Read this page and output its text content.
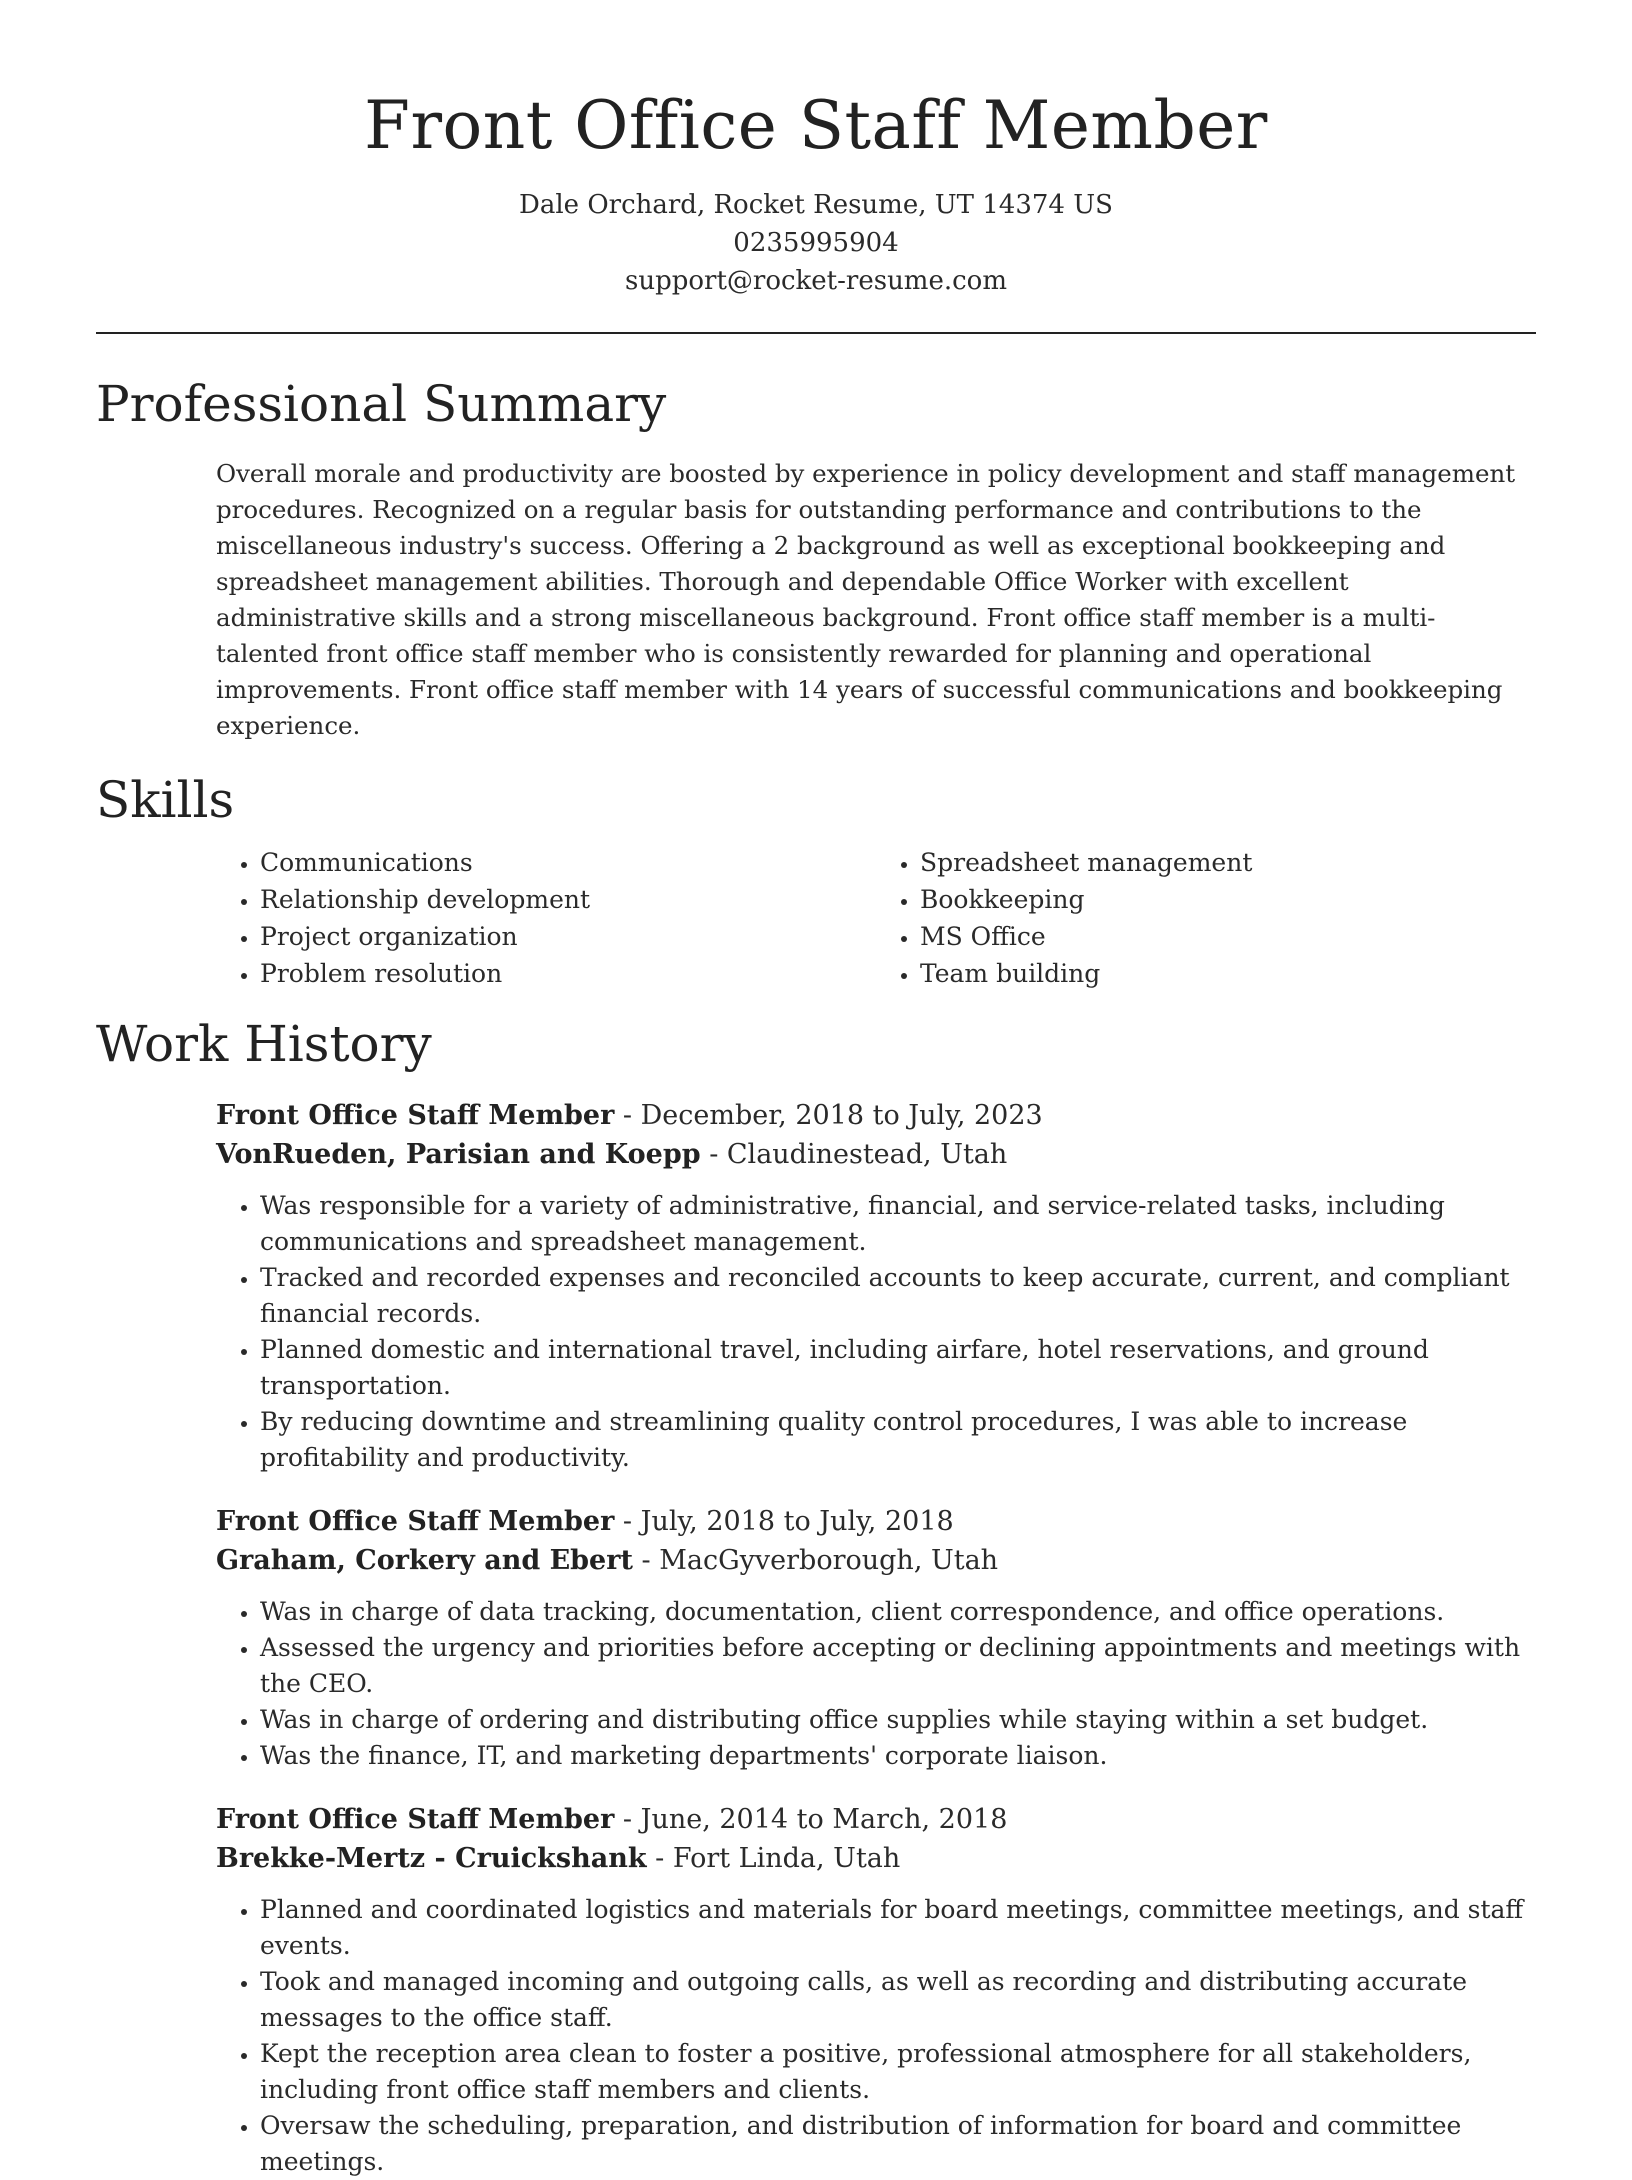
Front Office Staff Member
Dale Orchard, Rocket Resume, UT 14374 US
0235995904
support@rocket-resume.com
Professional Summary

Overall morale and productivity are boosted by experience in policy development and staff management procedures. Recognized on a regular basis for outstanding performance and contributions to the miscellaneous industry's success. Offering a 2 background as well as exceptional bookkeeping and spreadsheet management abilities. Thorough and dependable Office Worker with excellent administrative skills and a strong miscellaneous background. Front office staff member is a multi-talented front office staff member who is consistently rewarded for planning and operational improvements. Front office staff member with 14 years of successful communications and bookkeeping experience.

Skills
• Communications
• Relationship development
• Project organization
• Problem resolution
• Spreadsheet management
• Bookkeeping
• MS Office
• Team building
Work History
Front Office Staff Member - December, 2018 to July, 2023
VonRueden, Parisian and Koepp - Claudinestead, Utah
• Was responsible for a variety of administrative, financial, and service-related tasks, including communications and spreadsheet management.
• Tracked and recorded expenses and reconciled accounts to keep accurate, current, and compliant financial records.
• Planned domestic and international travel, including airfare, hotel reservations, and ground transportation.
• By reducing downtime and streamlining quality control procedures, I was able to increase profitability and productivity.
Front Office Staff Member - July, 2018 to July, 2018
Graham, Corkery and Ebert - MacGyverborough, Utah
• Was in charge of data tracking, documentation, client correspondence, and office operations.
• Assessed the urgency and priorities before accepting or declining appointments and meetings with the CEO.
• Was in charge of ordering and distributing office supplies while staying within a set budget.
• Was the finance, IT, and marketing departments' corporate liaison.
Front Office Staff Member - June, 2014 to March, 2018
Brekke-Mertz - Cruickshank - Fort Linda, Utah
• Planned and coordinated logistics and materials for board meetings, committee meetings, and staff events.
• Took and managed incoming and outgoing calls, as well as recording and distributing accurate messages to the office staff.
• Kept the reception area clean to foster a positive, professional atmosphere for all stakeholders, including front office staff members and clients.
• Oversaw the scheduling, preparation, and distribution of information for board and committee meetings.
